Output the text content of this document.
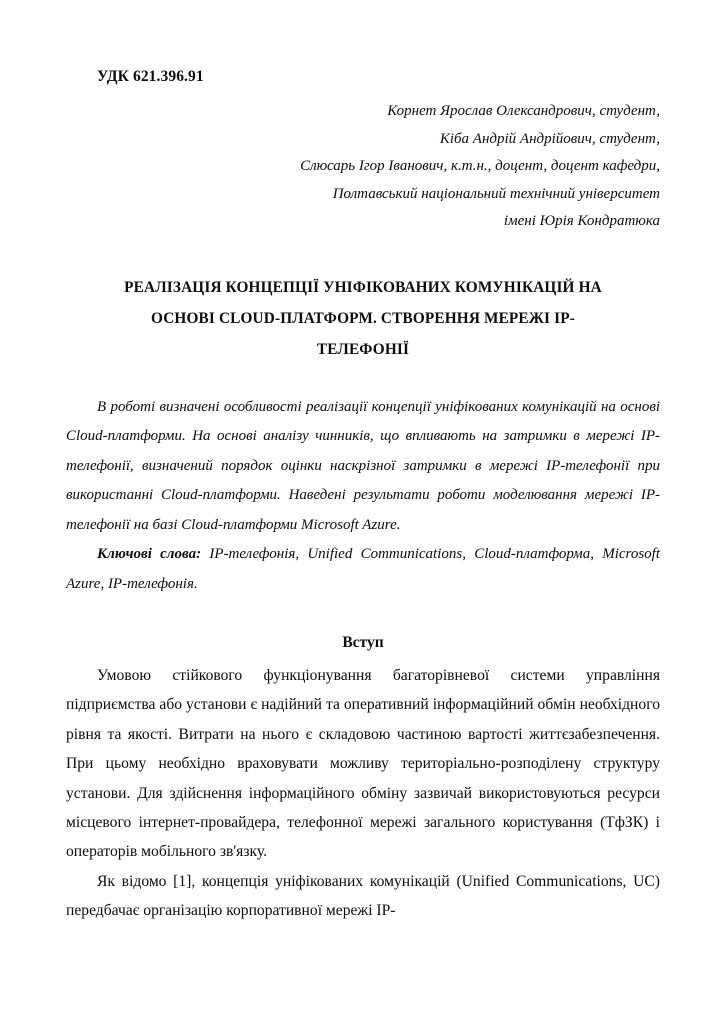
УДК 621.396.91
Корнет Ярослав Олександрович, студент,
Кіба Андрій Андрійович, студент,
Слюсарь Ігор Іванович, к.т.н., доцент, доцент кафедри,
Полтавський національний технічний університет
імені Юрія Кондратюка
РЕАЛІЗАЦІЯ КОНЦЕПЦІЇ УНІФІКОВАНИХ КОМУНІКАЦІЙ НА
ОСНОВІ CLOUD-ПЛАТФОРМ. СТВОРЕННЯ МЕРЕЖІ IP-
ТЕЛЕФОНІЇ
В роботі визначені особливості реалізації концепції уніфікованих комунікацій на основі Cloud-платформи. На основі аналізу чинників, що впливають на затримки в мережі IP-телефонії, визначений порядок оцінки наскрізної затримки в мережі IP-телефонії при використанні Cloud-платформи. Наведені результати роботи моделювання мережі IP-телефонії на базі Cloud-платформи Microsoft Azure.
Ключові слова: IP-телефонія, Unified Communications, Cloud-платформа, Microsoft Azure, IP-телефонія.
Вступ
Умовою стійкового функціонування багаторівневої системи управління підприємства або установи є надійний та оперативний інформаційний обмін необхідного рівня та якості. Витрати на нього є складовою частиною вартості життєзабезпечення. При цьому необхідно враховувати можливу територіально-розподілену структуру установи. Для здійснення інформаційного обміну зазвичай використовуються ресурси місцевого інтернет-провайдера, телефонної мережі загального користування (ТфЗК) і операторів мобільного зв'язку.
Як відомо [1], концепція уніфікованих комунікацій (Unified Communications, UC) передбачає організацію корпоративної мережі IP-
